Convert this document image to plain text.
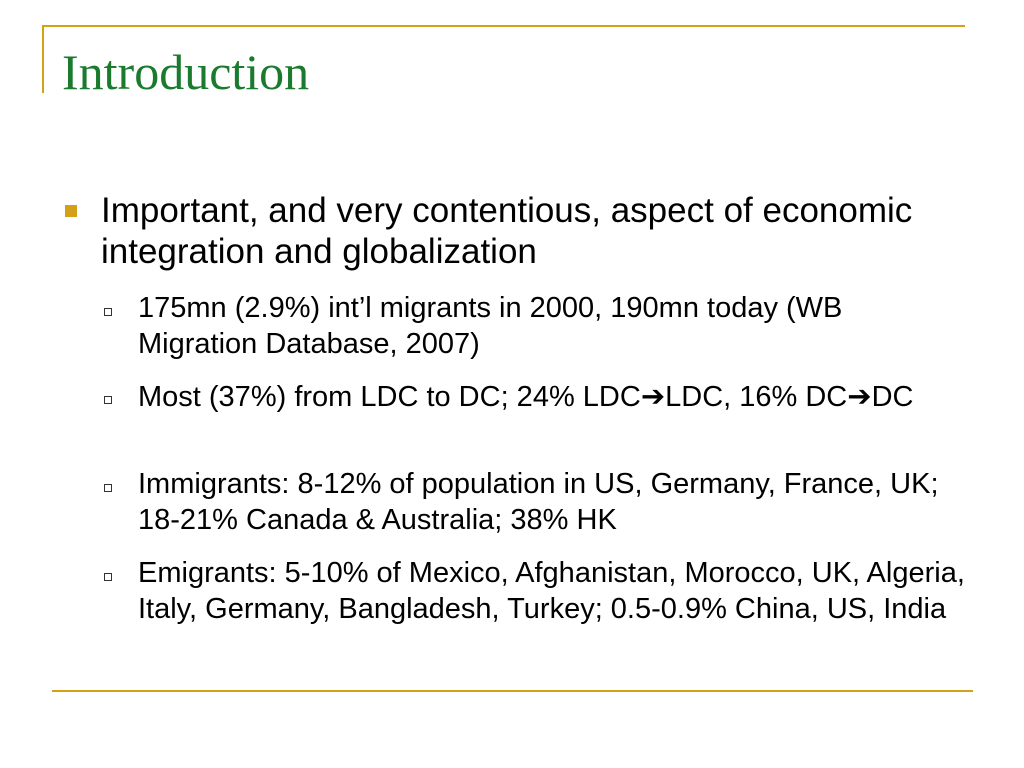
Introduction
Important, and very contentious, aspect of economic integration and globalization
175mn (2.9%) int’l migrants in 2000, 190mn today (WB Migration Database, 2007)
Most (37%) from LDC to DC; 24% LDC➔LDC, 16% DC➔DC
Immigrants: 8-12% of population in US, Germany, France, UK; 18-21% Canada & Australia; 38% HK
Emigrants: 5-10% of Mexico, Afghanistan, Morocco, UK, Algeria, Italy, Germany, Bangladesh, Turkey; 0.5-0.9% China, US, India
